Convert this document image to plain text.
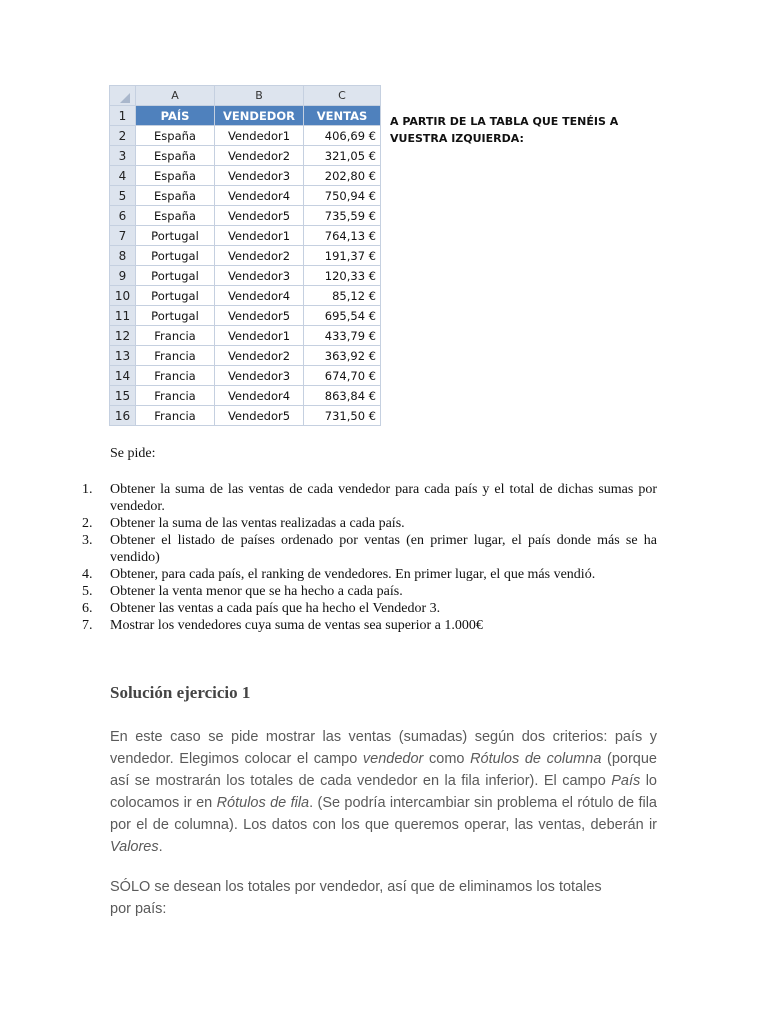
	A	B	C
1	PAÍS	VENDEDOR	VENTAS
2	España	Vendedor1	406,69 €
3	España	Vendedor2	321,05 €
4	España	Vendedor3	202,80 €
5	España	Vendedor4	750,94 €
6	España	Vendedor5	735,59 €
7	Portugal	Vendedor1	764,13 €
8	Portugal	Vendedor2	191,37 €
9	Portugal	Vendedor3	120,33 €
10	Portugal	Vendedor4	85,12 €
11	Portugal	Vendedor5	695,54 €
12	Francia	Vendedor1	433,79 €
13	Francia	Vendedor2	363,92 €
14	Francia	Vendedor3	674,70 €
15	Francia	Vendedor4	863,84 €
16	Francia	Vendedor5	731,50 €
A PARTIR DE LA TABLA QUE TENÉIS A VUESTRA IZQUIERDA:
Se pide:
1. Obtener la suma de las ventas de cada vendedor para cada país y el total de dichas sumas por vendedor.
2. Obtener la suma de las ventas realizadas a cada país.
3. Obtener el listado de países ordenado por ventas (en primer lugar, el país donde más se ha vendido)
4. Obtener, para cada país, el ranking de vendedores. En primer lugar, el que más vendió.
5. Obtener la venta menor que se ha hecho a cada país.
6. Obtener las ventas a cada país que ha hecho el Vendedor 3.
7. Mostrar los vendedores cuya suma de ventas sea superior a 1.000€
Solución ejercicio 1

En este caso se pide mostrar las ventas (sumadas) según dos criterios: país y vendedor. Elegimos colocar el campo vendedor como Rótulos de columna (porque así se mostrarán los totales de cada vendedor en la fila inferior). El campo País lo colocamos ir en Rótulos de fila. (Se podría intercambiar sin problema el rótulo de fila por el de columna). Los datos con los que queremos operar, las ventas, deberán ir Valores.

SÓLO se desean los totales por vendedor, así que de eliminamos los totales
por país:
